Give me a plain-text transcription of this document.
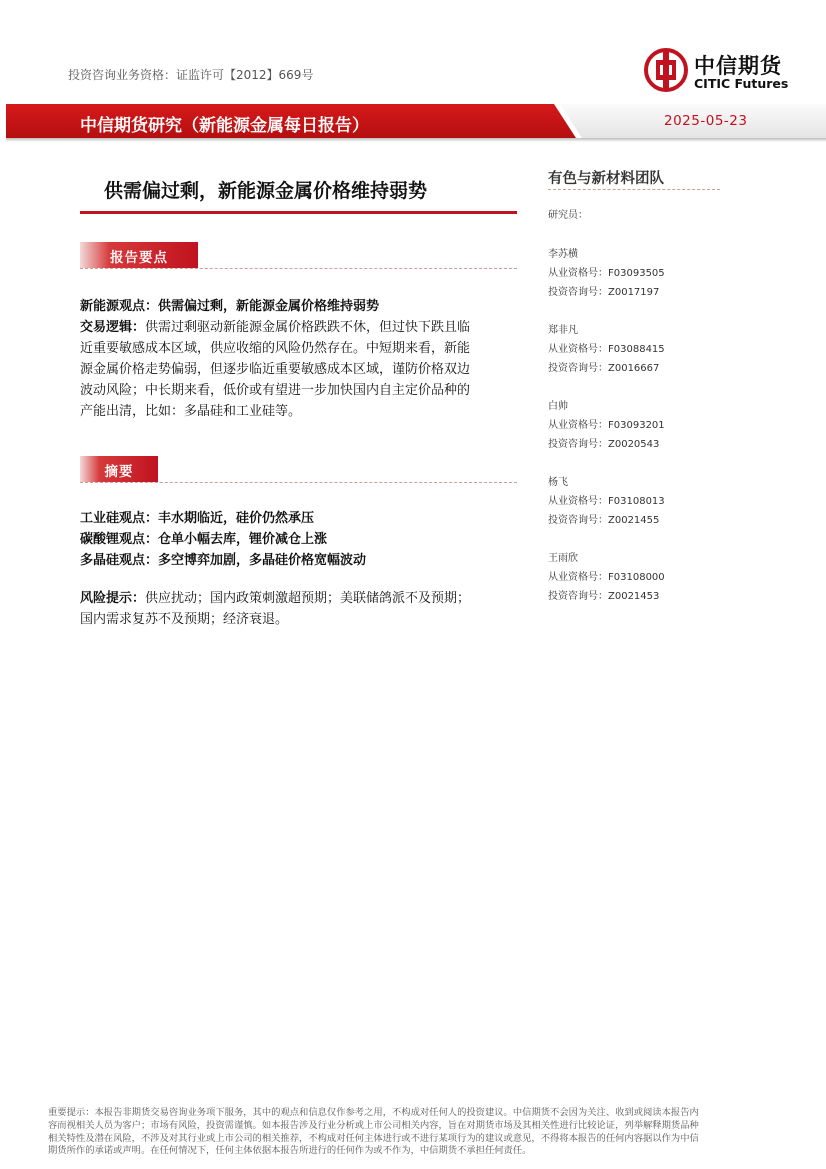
投资咨询业务资格：证监许可【2012】669号	中信期货
CITIC Futures
中信期货研究（新能源金属每日报告）	2025-05-23
供需偏过剩，新能源金属价格维持弱势
报告要点
新能源观点：供需偏过剩，新能源金属价格维持弱势
交易逻辑：供需过剩驱动新能源金属价格跌跌不休，但过快下跌且临
近重要敏感成本区域，供应收缩的风险仍然存在。中短期来看，新能
源金属价格走势偏弱，但逐步临近重要敏感成本区域，谨防价格双边
波动风险；中长期来看，低价或有望进一步加快国内自主定价品种的
产能出清，比如：多晶硅和工业硅等。
摘要
工业硅观点：丰水期临近，硅价仍然承压
碳酸锂观点：仓单小幅去库，锂价减仓上涨
多晶硅观点：多空博弈加剧，多晶硅价格宽幅波动
风险提示：供应扰动；国内政策刺激超预期；美联储鸽派不及预期；
国内需求复苏不及预期；经济衰退。
有色与新材料团队
研究员：
李苏横
从业资格号：F03093505
投资咨询号：Z0017197
郑非凡
从业资格号：F03088415
投资咨询号：Z0016667
白帅
从业资格号：F03093201
投资咨询号：Z0020543
杨飞
从业资格号：F03108013
投资咨询号：Z0021455
王雨欣
从业资格号：F03108000
投资咨询号：Z0021453
重要提示：本报告非期货交易咨询业务项下服务，其中的观点和信息仅作参考之用，不构成对任何人的投资建议。中信期货不会因为关注、收到或阅读本报告内
容而视相关人员为客户；市场有风险，投资需谨慎。如本报告涉及行业分析或上市公司相关内容，旨在对期货市场及其相关性进行比较论证，列举解释期货品种
相关特性及潜在风险，不涉及对其行业或上市公司的相关推荐，不构成对任何主体进行或不进行某项行为的建议或意见，不得将本报告的任何内容据以作为中信
期货所作的承诺或声明。在任何情况下，任何主体依据本报告所进行的任何作为或不作为，中信期货不承担任何责任。
